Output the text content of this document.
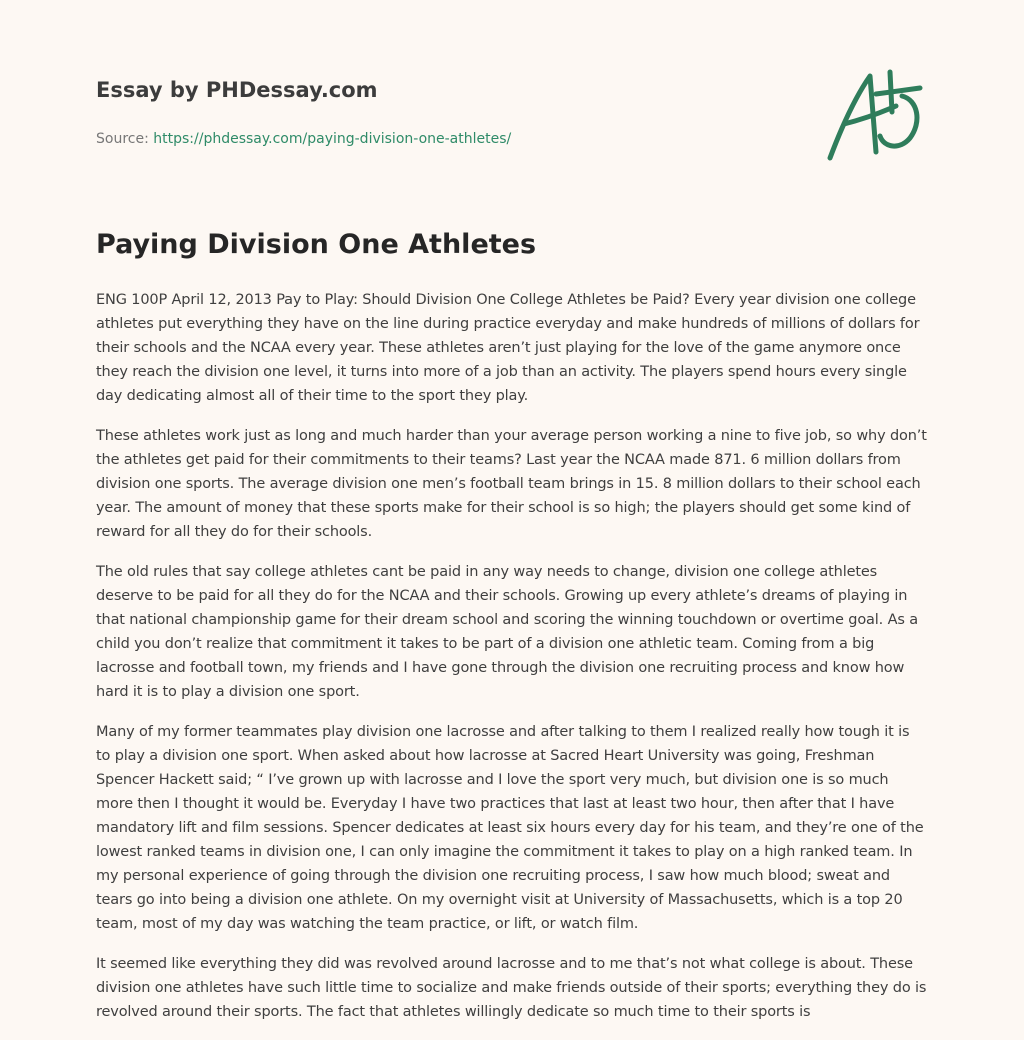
Essay by PHDessay.com
Source: https://phdessay.com/paying-division-one-athletes/
Paying Division One Athletes

ENG 100P April 12, 2013 Pay to Play: Should Division One College Athletes be Paid? Every year division one college athletes put everything they have on the line during practice everyday and make hundreds of millions of dollars for their schools and the NCAA every year. These athletes aren’t just playing for the love of the game anymore once they reach the division one level, it turns into more of a job than an activity. The players spend hours every single day dedicating almost all of their time to the sport they play.

These athletes work just as long and much harder than your average person working a nine to five job, so why don’t the athletes get paid for their commitments to their teams? Last year the NCAA made 871. 6 million dollars from division one sports. The average division one men’s football team brings in 15. 8 million dollars to their school each year. The amount of money that these sports make for their school is so high; the players should get some kind of reward for all they do for their schools.

The old rules that say college athletes cant be paid in any way needs to change, division one college athletes deserve to be paid for all they do for the NCAA and their schools. Growing up every athlete’s dreams of playing in that national championship game for their dream school and scoring the winning touchdown or overtime goal. As a child you don’t realize that commitment it takes to be part of a division one athletic team. Coming from a big lacrosse and football town, my friends and I have gone through the division one recruiting process and know how hard it is to play a division one sport.

Many of my former teammates play division one lacrosse and after talking to them I realized really how tough it is to play a division one sport. When asked about how lacrosse at Sacred Heart University was going, Freshman Spencer Hackett said; “ I’ve grown up with lacrosse and I love the sport very much, but division one is so much more then I thought it would be. Everyday I have two practices that last at least two hour, then after that I have mandatory lift and film sessions. Spencer dedicates at least six hours every day for his team, and they’re one of the lowest ranked teams in division one, I can only imagine the commitment it takes to play on a high ranked team. In my personal experience of going through the division one recruiting process, I saw how much blood; sweat and tears go into being a division one athlete. On my overnight visit at University of Massachusetts, which is a top 20 team, most of my day was watching the team practice, or lift, or watch film.

It seemed like everything they did was revolved around lacrosse and to me that’s not what college is about. These division one athletes have such little time to socialize and make friends outside of their sports; everything they do is revolved around their sports. The fact that athletes willingly dedicate so much time to their sports is
